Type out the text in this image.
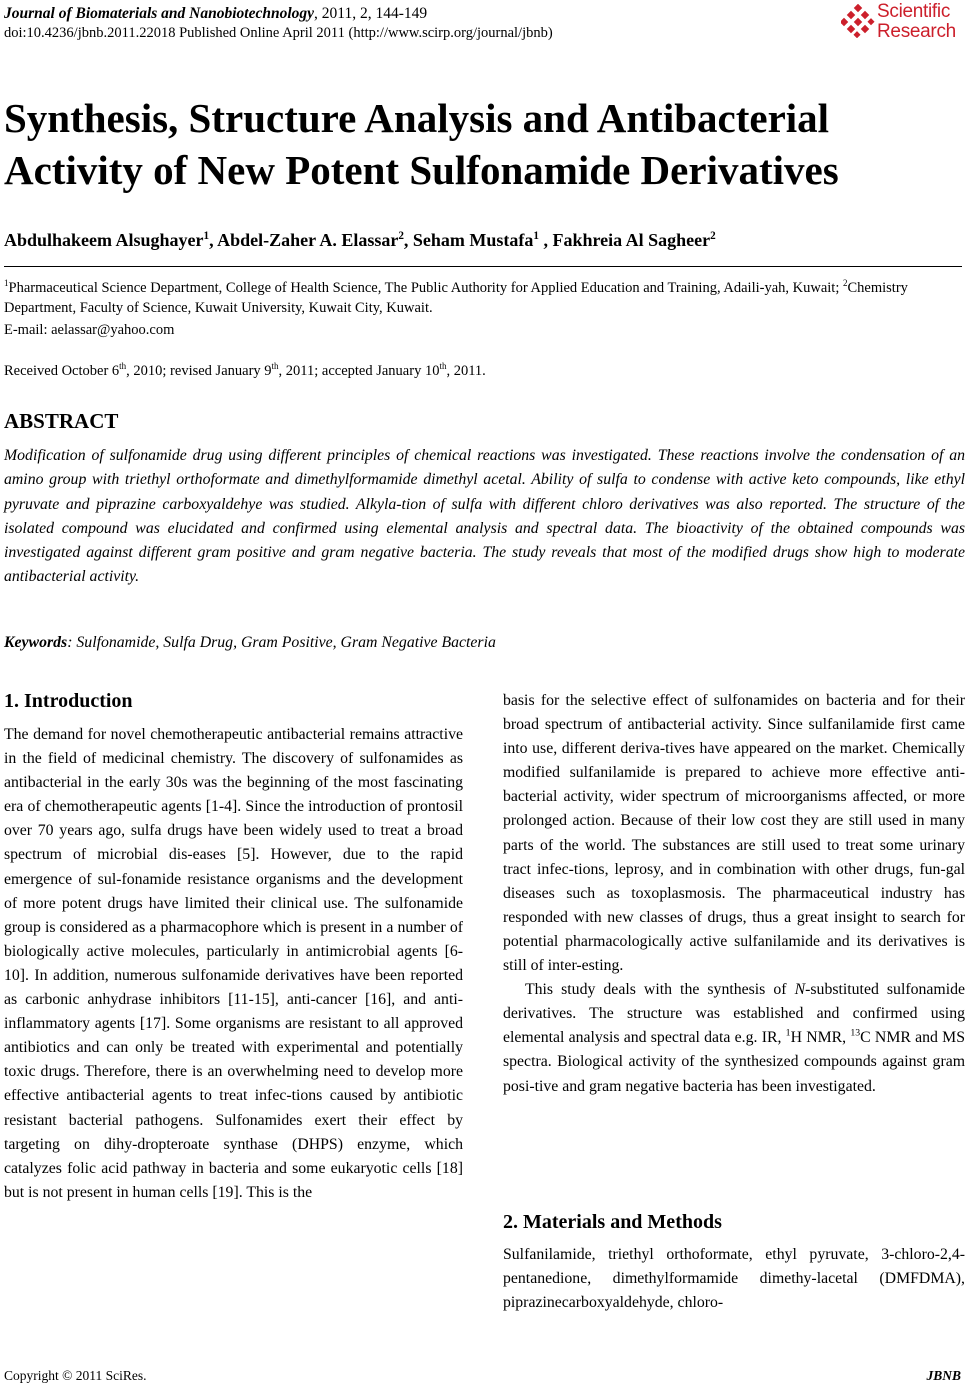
Journal of Biomaterials and Nanobiotechnology, 2011, 2, 144-149
doi:10.4236/jbnb.2011.22018 Published Online April 2011 (http://www.scirp.org/journal/jbnb)
Scientific
Research
Synthesis, Structure Analysis and Antibacterial
Activity of New Potent Sulfonamide Derivatives
Abdulhakeem Alsughayer$^1$, Abdel-Zaher A. Elassar$^2$, Seham Mustafa$^1$ , Fakhreia Al Sagheer$^2$
$^1$Pharmaceutical Science Department, College of Health Science, The Public Authority for Applied Education and Training, Adaili-yah, Kuwait; $^2$Chemistry Department, Faculty of Science, Kuwait University, Kuwait City, Kuwait.
E-mail: aelassar@yahoo.com
Received October 6th, 2010; revised January 9th, 2011; accepted January 10th, 2011.
ABSTRACT
Modification of sulfonamide drug using different principles of chemical reactions was investigated. These reactions involve the condensation of an amino group with triethyl orthoformate and dimethylformamide dimethyl acetal. Ability of sulfa to condense with active keto compounds, like ethyl pyruvate and piprazine carboxyaldehye was studied. Alkyla-tion of sulfa with different chloro derivatives was also reported. The structure of the isolated compound was elucidated and confirmed using elemental analysis and spectral data. The bioactivity of the obtained compounds was investigated against different gram positive and gram negative bacteria. The study reveals that most of the modified drugs show high to moderate antibacterial activity.
Keywords: Sulfonamide, Sulfa Drug, Gram Positive, Gram Negative Bacteria
1. Introduction

The demand for novel chemotherapeutic antibacterial remains attractive in the field of medicinal chemistry. The discovery of sulfonamides as antibacterial in the early 30s was the beginning of the most fascinating era of chemotherapeutic agents [1-4]. Since the introduction of prontosil over 70 years ago, sulfa drugs have been widely used to treat a broad spectrum of microbial dis-eases [5]. However, due to the rapid emergence of sul-fonamide resistance organisms and the development of more potent drugs have limited their clinical use. The sulfonamide group is considered as a pharmacophore which is present in a number of biologically active molecules, particularly in antimicrobial agents [6-10]. In addition, numerous sulfonamide derivatives have been reported as carbonic anhydrase inhibitors [11-15], anti-cancer [16], and anti-inflammatory agents [17]. Some organisms are resistant to all approved antibiotics and can only be treated with experimental and potentially toxic drugs. Therefore, there is an overwhelming need to develop more effective antibacterial agents to treat infec-tions caused by antibiotic resistant bacterial pathogens. Sulfonamides exert their effect by targeting on dihy-dropteroate synthase (DHPS) enzyme, which catalyzes folic acid pathway in bacteria and some eukaryotic cells [18] but is not present in human cells [19]. This is the

basis for the selective effect of sulfonamides on bacteria and for their broad spectrum of antibacterial activity. Since sulfanilamide first came into use, different deriva-tives have appeared on the market. Chemically modified sulfanilamide is prepared to achieve more effective anti-bacterial activity, wider spectrum of microorganisms affected, or more prolonged action. Because of their low cost they are still used in many parts of the world. The substances are still used to treat some urinary tract infec-tions, leprosy, and in combination with other drugs, fun-gal diseases such as toxoplasmosis. The pharmaceutical industry has responded with new classes of drugs, thus a great insight to search for potential pharmacologically active sulfanilamide and its derivatives is still of inter-esting.

This study deals with the synthesis of N-substituted sulfonamide derivatives. The structure was established and confirmed using elemental analysis and spectral data e.g. IR, $^1$H NMR, $^{13}$C NMR and MS spectra. Biological activity of the synthesized compounds against gram posi-tive and gram negative bacteria has been investigated.

2. Materials and Methods

Sulfanilamide, triethyl orthoformate, ethyl pyruvate, 3-chloro-2,4-pentanedione, dimethylformamide dimethy-lacetal (DMFDMA), piprazinecarboxyaldehyde, chloro-

Copyright © 2011 SciRes.	JBNB
